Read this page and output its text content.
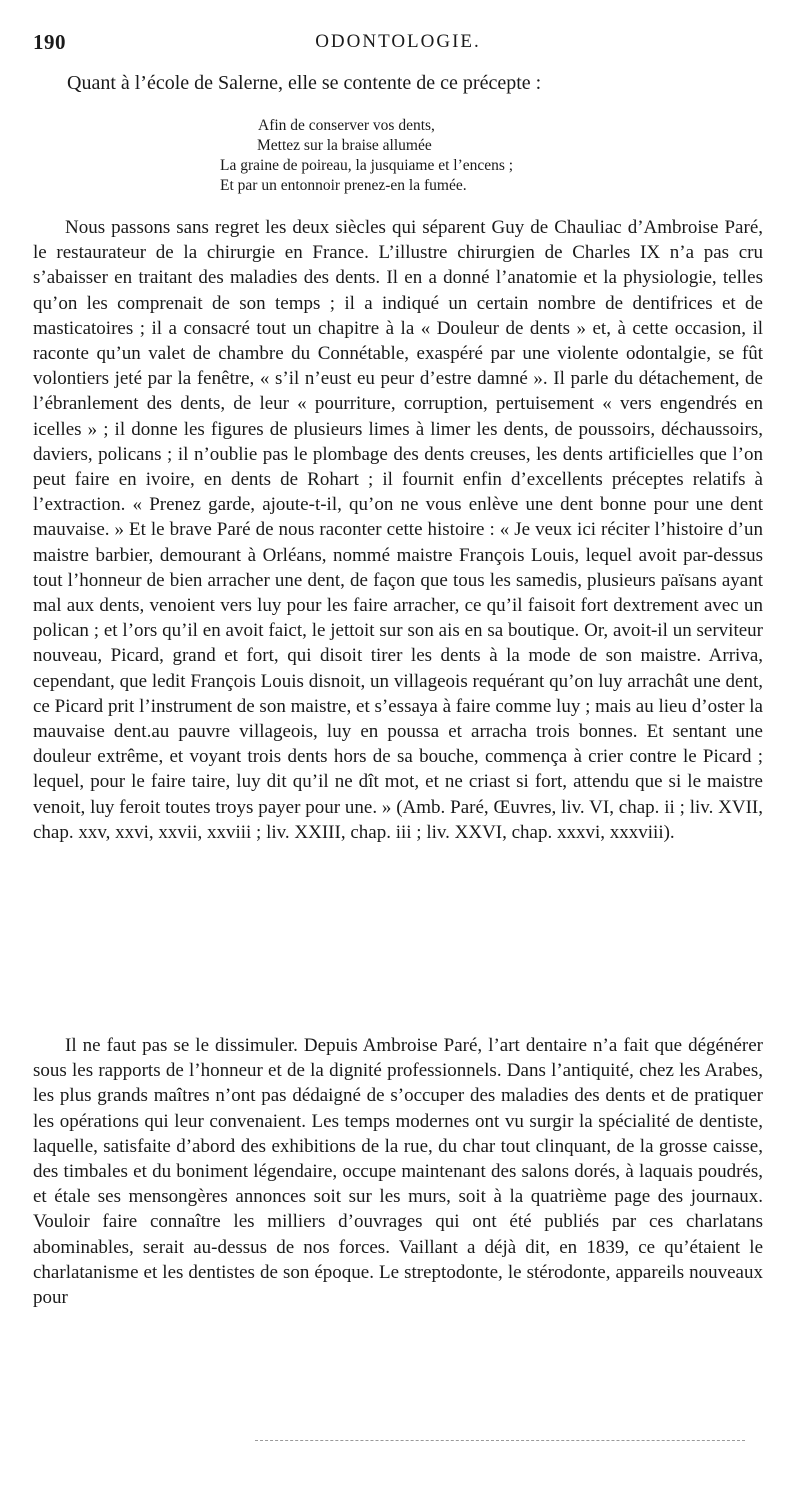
190	ODONTOLOGIE.

Quant à l’école de Salerne, elle se contente de ce précepte :

Afin de conserver vos dents,
Mettez sur la braise allumée
La graine de poireau, la jusquiame et l’encens ;
Et par un entonnoir prenez-en la fumée.

Nous passons sans regret les deux siècles qui séparent Guy de Chauliac d’Ambroise Paré, le restaurateur de la chirurgie en France. L’illustre chirurgien de Charles IX n’a pas cru s’abaisser en traitant des maladies des dents. Il en a donné l’anatomie et la physiologie, telles qu’on les comprenait de son temps ; il a indiqué un certain nombre de dentifrices et de masticatoires ; il a consacré tout un chapitre à la « Douleur de dents » et, à cette occasion, il raconte qu’un valet de chambre du Connétable, exaspéré par une violente odontalgie, se fût volontiers jeté par la fenêtre, « s’il n’eust eu peur d’estre damné ». Il parle du détachement, de l’ébranlement des dents, de leur « pourriture, corruption, pertuisement « vers engendrés en icelles » ; il donne les figures de plusieurs limes à limer les dents, de poussoirs, déchaussoirs, daviers, policans ; il n’oublie pas le plombage des dents creuses, les dents artificielles que l’on peut faire en ivoire, en dents de Rohart ; il fournit enfin d’excellents préceptes relatifs à l’extraction. « Prenez garde, ajoute-t-il, qu’on ne vous enlève une dent bonne pour une dent mauvaise. » Et le brave Paré de nous raconter cette histoire : « Je veux ici réciter l’histoire d’un maistre barbier, demourant à Orléans, nommé maistre François Louis, lequel avoit par-dessus tout l’honneur de bien arracher une dent, de façon que tous les samedis, plusieurs païsans ayant mal aux dents, venoient vers luy pour les faire arracher, ce qu’il faisoit fort dextrement avec un polican ; et l’ors qu’il en avoit faict, le jettoit sur son ais en sa boutique. Or, avoit-il un serviteur nouveau, Picard, grand et fort, qui disoit tirer les dents à la mode de son maistre. Arriva, cependant, que ledit François Louis disnoit, un villageois requérant qu’on luy arrachât une dent, ce Picard prit l’instrument de son maistre, et s’essaya à faire comme luy ; mais au lieu d’oster la mauvaise dent.au pauvre villageois, luy en poussa et arracha trois bonnes. Et sentant une douleur extrême, et voyant trois dents hors de sa bouche, commença à crier contre le Picard ; lequel, pour le faire taire, luy dit qu’il ne dît mot, et ne criast si fort, attendu que si le maistre venoit, luy feroit toutes troys payer pour une. » (Amb. Paré, Œuvres, liv. VI, chap. ii ; liv. XVII, chap. xxv, xxvi, xxvii, xxviii ; liv. XXIII, chap. iii ; liv. XXVI, chap. xxxvi, xxxviii).

Il ne faut pas se le dissimuler. Depuis Ambroise Paré, l’art dentaire n’a fait que dégénérer sous les rapports de l’honneur et de la dignité professionnels. Dans l’antiquité, chez les Arabes, les plus grands maîtres n’ont pas dédaigné de s’occuper des maladies des dents et de pratiquer les opérations qui leur convenaient. Les temps modernes ont vu surgir la spécialité de dentiste, laquelle, satisfaite d’abord des exhibitions de la rue, du char tout clinquant, de la grosse caisse, des timbales et du boniment légendaire, occupe maintenant des salons dorés, à laquais poudrés, et étale ses mensongères annonces soit sur les murs, soit à la quatrième page des journaux. Vouloir faire connaître les milliers d’ouvrages qui ont été publiés par ces charlatans abominables, serait au-dessus de nos forces. Vaillant a déjà dit, en 1839, ce qu’étaient le charlatanisme et les dentistes de son époque. Le streptodonte, le stérodonte, appareils nouveaux pour
